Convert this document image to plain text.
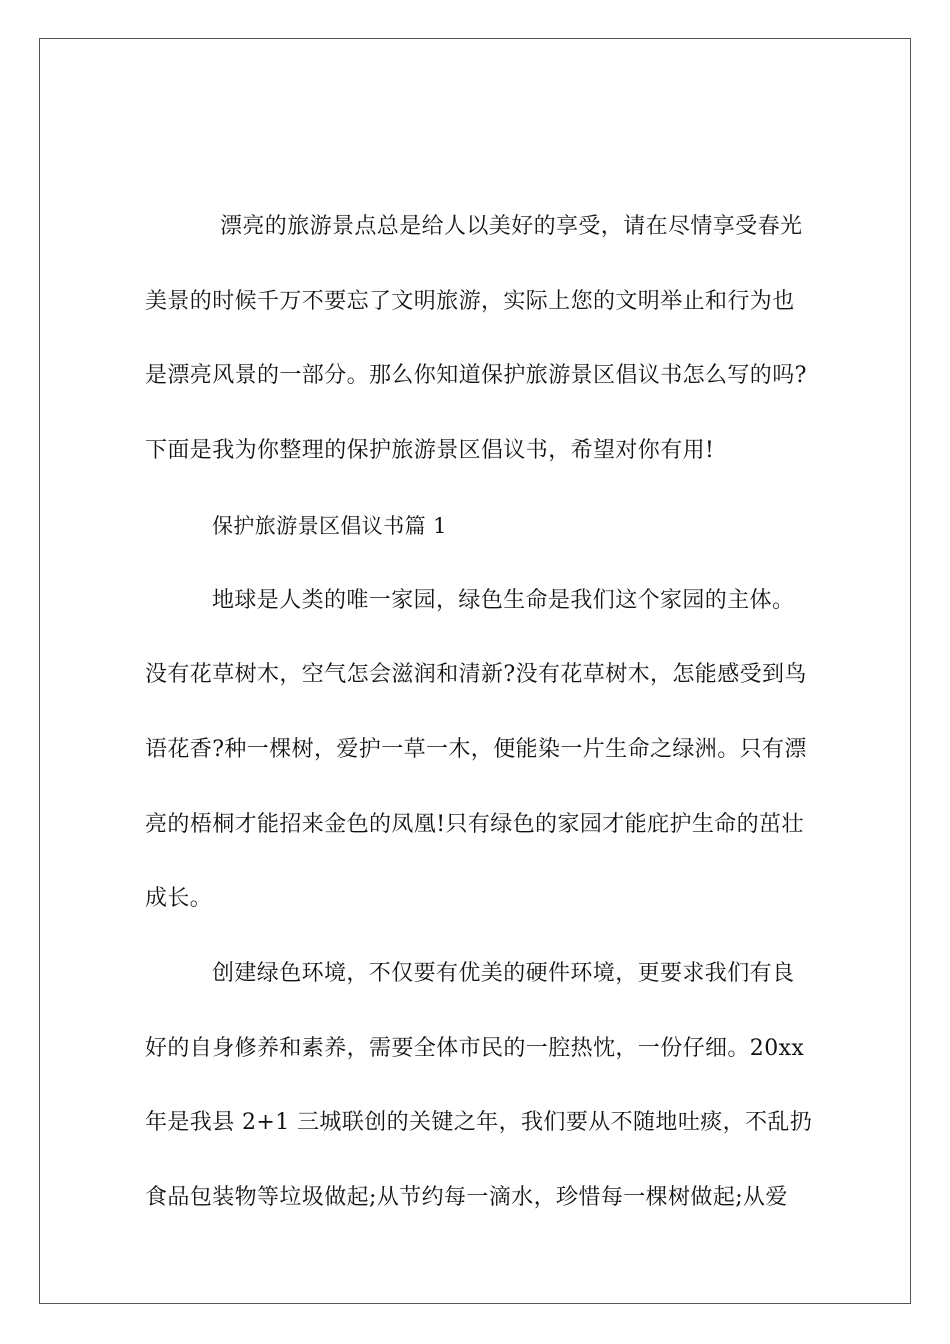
漂亮的旅游景点总是给人以美好的享受，请在尽情享受春光
美景的时候千万不要忘了文明旅游，实际上您的文明举止和行为也
是漂亮风景的一部分。那么你知道保护旅游景区倡议书怎么写的吗?
下面是我为你整理的保护旅游景区倡议书，希望对你有用!
保护旅游景区倡议书篇 1
地球是人类的唯一家园，绿色生命是我们这个家园的主体。
没有花草树木，空气怎会滋润和清新?没有花草树木，怎能感受到鸟
语花香?种一棵树，爱护一草一木，便能染一片生命之绿洲。只有漂
亮的梧桐才能招来金色的凤凰!只有绿色的家园才能庇护生命的茁壮
成长。
创建绿色环境，不仅要有优美的硬件环境，更要求我们有良
好的自身修养和素养，需要全体市民的一腔热忱，一份仔细。20xx
年是我县 2+1 三城联创的关键之年，我们要从不随地吐痰，不乱扔
食品包装物等垃圾做起;从节约每一滴水，珍惜每一棵树做起;从爱
